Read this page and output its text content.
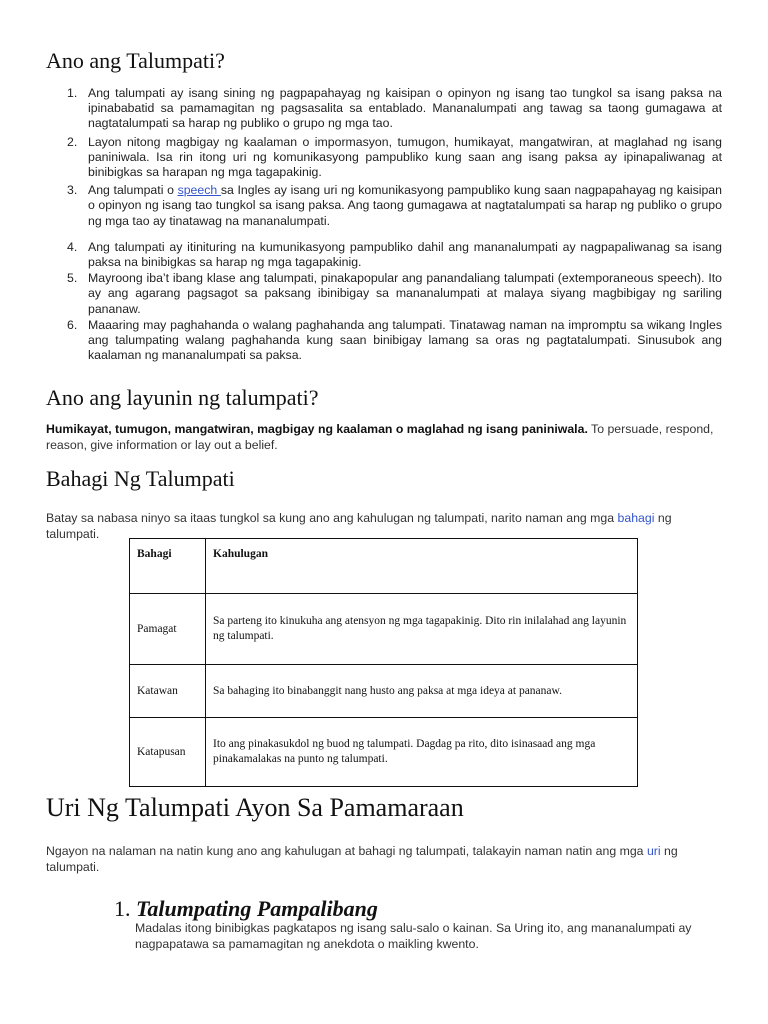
Ano ang Talumpati?
1. Ang talumpati ay isang sining ng pagpapahayag ng kaisipan o opinyon ng isang tao tungkol sa isang paksa na ipinababatid sa pamamagitan ng pagsasalita sa entablado. Mananalumpati ang tawag sa taong gumagawa at nagtatalumpati sa harap ng publiko o grupo ng mga tao.
2. Layon nitong magbigay ng kaalaman o impormasyon, tumugon, humikayat, mangatwiran, at maglahad ng isang paniniwala. Isa rin itong uri ng komunikasyong pampubliko kung saan ang isang paksa ay ipinapaliwanag at binibigkas sa harapan ng mga tagapakinig.
3. Ang talumpati o speech sa Ingles ay isang uri ng komunikasyong pampubliko kung saan nagpapahayag ng kaisipan o opinyon ng isang tao tungkol sa isang paksa. Ang taong gumagawa at nagtatalumpati sa harap ng publiko o grupo ng mga tao ay tinatawag na mananalumpati.
4. Ang talumpati ay itinituring na kumunikasyong pampubliko dahil ang mananalumpati ay nagpapaliwanag sa isang paksa na binibigkas sa harap ng mga tagapakinig.
5. Mayroong iba’t ibang klase ang talumpati, pinakapopular ang panandaliang talumpati (extemporaneous speech). Ito ay ang agarang pagsagot sa paksang ibinibigay sa mananalumpati at malaya siyang magbibigay ng sariling pananaw.
6. Maaaring may paghahanda o walang paghahanda ang talumpati. Tinatawag naman na impromptu sa wikang Ingles ang talumpating walang paghahanda kung saan binibigay lamang sa oras ng pagtatalumpati. Sinusubok ang kaalaman ng mananalumpati sa paksa.
Ano ang layunin ng talumpati?
Humikayat, tumugon, mangatwiran, magbigay ng kaalaman o maglahad ng isang paniniwala. To persuade, respond, reason, give information or lay out a belief.
Bahagi Ng Talumpati
Batay sa nabasa ninyo sa itaas tungkol sa kung ano ang kahulugan ng talumpati, narito naman ang mga bahagi ng talumpati.
Bahagi	Kahulugan
Pamagat	Sa parteng ito kinukuha ang atensyon ng mga tagapakinig. Dito rin inilalahad ang layunin ng talumpati.
Katawan	Sa bahaging ito binabanggit nang husto ang paksa at mga ideya at pananaw.
Katapusan	Ito ang pinakasukdol ng buod ng talumpati. Dagdag pa rito, dito isinasaad ang mga pinakamalakas na punto ng talumpati.
Uri Ng Talumpati Ayon Sa Pamamaraan
Ngayon na nalaman na natin kung ano ang kahulugan at bahagi ng talumpati, talakayin naman natin ang mga uri ng talumpati.
1. Talumpating Pampalibang
Madalas itong binibigkas pagkatapos ng isang salu-salo o kainan. Sa Uring ito, ang mananalumpati ay nagpapatawa sa pamamagitan ng anekdota o maikling kwento.
